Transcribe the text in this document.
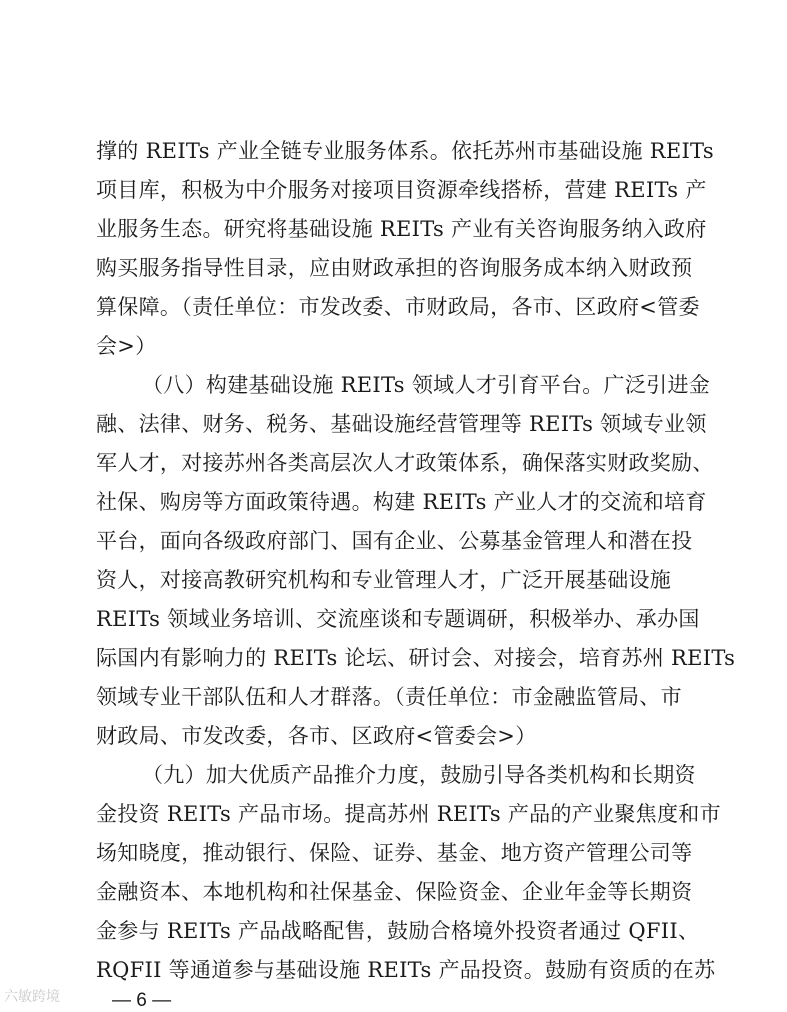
撑的 REITs 产业全链专业服务体系。依托苏州市基础设施 REITs
项目库，积极为中介服务对接项目资源牵线搭桥，营建 REITs 产
业服务生态。研究将基础设施 REITs 产业有关咨询服务纳入政府
购买服务指导性目录，应由财政承担的咨询服务成本纳入财政预
算保障。（责任单位：市发改委、市财政局，各市、区政府<管委
会>）
（八）构建基础设施 REITs 领域人才引育平台。广泛引进金
融、法律、财务、税务、基础设施经营管理等 REITs 领域专业领
军人才，对接苏州各类高层次人才政策体系，确保落实财政奖励、
社保、购房等方面政策待遇。构建 REITs 产业人才的交流和培育
平台，面向各级政府部门、国有企业、公募基金管理人和潜在投
资人，对接高教研究机构和专业管理人才，广泛开展基础设施
REITs 领域业务培训、交流座谈和专题调研，积极举办、承办国
际国内有影响力的 REITs 论坛、研讨会、对接会，培育苏州 REITs
领域专业干部队伍和人才群落。（责任单位：市金融监管局、市
财政局、市发改委，各市、区政府<管委会>）
（九）加大优质产品推介力度，鼓励引导各类机构和长期资
金投资 REITs 产品市场。提高苏州 REITs 产品的产业聚焦度和市
场知晓度，推动银行、保险、证券、基金、地方资产管理公司等
金融资本、本地机构和社保基金、保险资金、企业年金等长期资
金参与 REITs 产品战略配售，鼓励合格境外投资者通过 QFII、
RQFII 等通道参与基础设施 REITs 产品投资。鼓励有资质的在苏
六敏跨境	— 6 —
